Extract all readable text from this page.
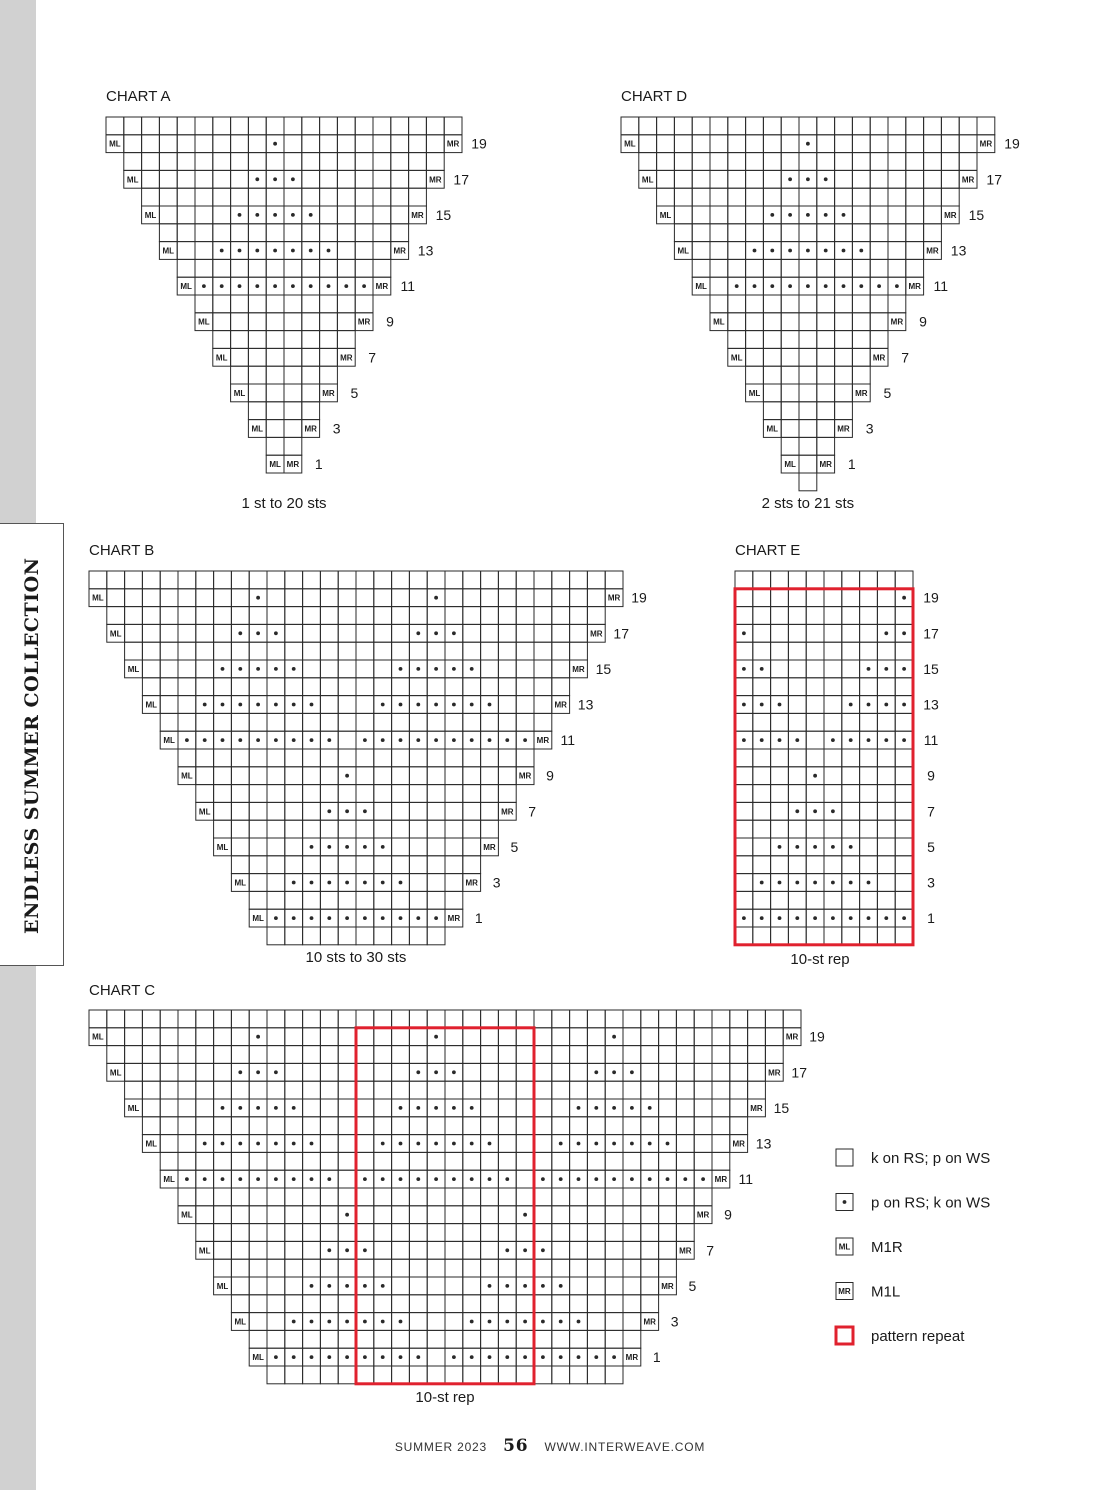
ENDLESS SUMMER COLLECTION
CHART A
ML	MR 19
ML	MR 17
ML	MR 15
ML	MR 13
ML	MR 11
ML	MR 9
ML	MR 7
ML	MR 5
ML	MR 3
ML MR 1
1 st to 20 sts
CHART D
ML	MR 19
ML	MR 17
ML	MR 15
ML	MR 13
ML	MR 11
ML	MR 9
ML	MR 7
ML	MR 5
ML	MR 3
ML	MR 1
2 sts to 21 sts
CHART B
ML	MR 19
ML	MR 17
ML	MR 15
ML	MR 13
ML	MR 11
ML	MR 9
ML	MR 7
ML	MR 5
ML	MR 3
ML	MR 1
10 sts to 30 sts
CHART E
19
17
15
13
11
9
7
5
3
1
10-st rep
CHART C
ML	MR 19
ML	MR 17
ML	MR 15
ML	MR 13
ML	MR 11
ML	MR 9
ML	MR 7
ML	MR 5
ML	MR 3
ML	MR 1
10-st rep
k on RS; p on WS
p on RS; k on WS
ML M1R
MR M1L
pattern repeat
SUMMER 2023 56 WWW.INTERWEAVE.COM
